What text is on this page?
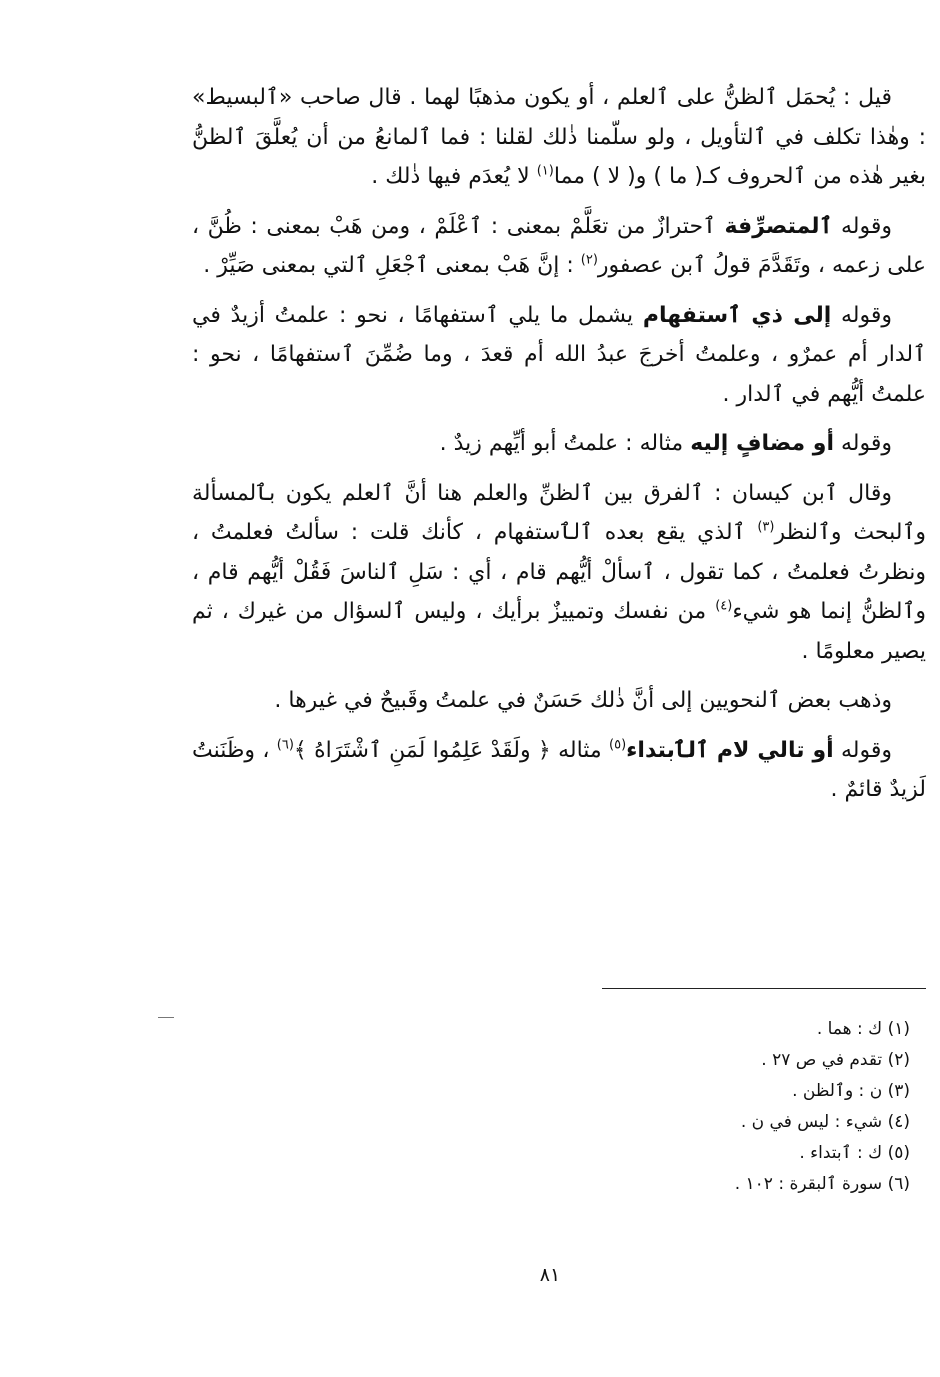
قيل : يُحمَل ٱلظنُّ على ٱلعلم ، أو يكون مذهبًا لهما . قال صاحب «ٱلبسيط» : وهٰذا تكلف في ٱلتأويل ، ولو سلّمنا ذٰلك لقلنا : فما ٱلمانعُ من أن يُعلَّقَ ٱلظنُّ بغير هٰذه من ٱلحروف كـ( ما ) و( لا ) مما$^{(١)}$ لا يُعدَم فيها ذٰلك .

وقوله ٱلمتصرِّفة ٱحترازٌ من تعَلَّمْ بمعنى : ٱعْلَمْ ، ومن هَبْ بمعنى : ظُنَّ ، على زعمه ، وتَقَدَّمَ قولُ ٱبن عصفور$^{(٢)}$ : إنَّ هَبْ بمعنى ٱجْعَلِ ٱلتي بمعنى صَيِّرْ .

وقوله إلى ذي ٱستفهام يشمل ما يلي ٱستفهامًا ، نحو : علمتُ أزيدٌ في ٱلدار أم عمرٌو ، وعلمتُ أخرجَ عبدُ الله أم قعدَ ، وما ضُمِّنَ ٱستفهامًا ، نحو : علمتُ أيُّهم في ٱلدار .

وقوله أو مضافٍ إليه مثاله : علمتُ أبو أيِّهم زيدٌ .

وقال ٱبن كيسان : ٱلفرق بين ٱلظنِّ والعلم هنا أنَّ ٱلعلم يكون بٱلمسألة وٱلبحث وٱلنظر$^{(٣)}$ ٱلذي يقع بعده ٱلٱستفهام ، كأنك قلت : سألتُ فعلمتُ ، ونظرتُ فعلمتُ ، كما تقول ، ٱسألْ أيُّهم قام ، أي : سَلِ ٱلناسَ فَقُلْ أيُّهم قام ، وٱلظنُّ إنما هو شيء$^{(٤)}$ من نفسك وتمييزٌ برأيك ، وليس ٱلسؤال من غيرك ، ثم يصير معلومًا .

وذهب بعض ٱلنحويين إلى أنَّ ذٰلك حَسَنٌ في علمتُ وقَبيحٌ في غيرها .

وقوله أو تالي لام ٱلٱبتداء$^{(٥)}$ مثاله ﴿ ولَقَدْ عَلِمُوا لَمَنِ ٱشْتَرَاهُ ﴾$^{(٦)}$ ، وظَنَنتُ لَزيدٌ قائمٌ .

(١) ك : هما .
(٢) تقدم في ص ٢٧ .
(٣) ن : وٱلظن .
(٤) شيء : ليس في ن .
(٥) ك : ٱبتداء .
(٦) سورة ٱلبقرة : ١٠٢ .
٨١
